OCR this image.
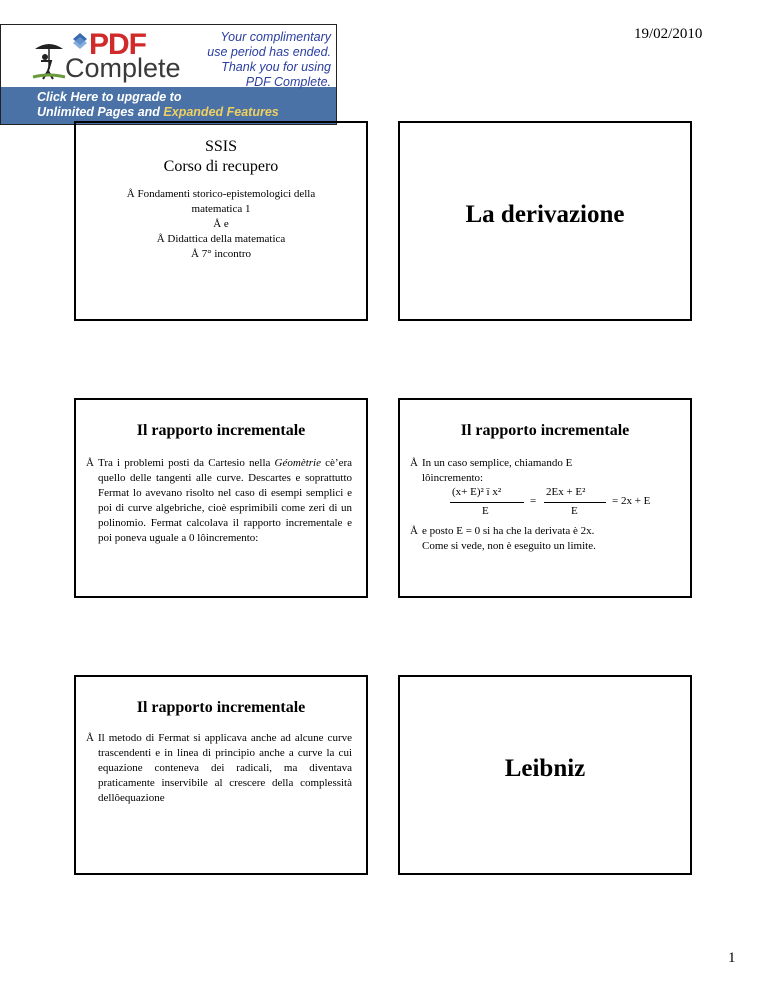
19/02/2010
PDF
Complete
Your complimentary
use period has ended.
Thank you for using
PDF Complete.
Click Here to upgrade to
Unlimited Pages and Expanded Features
SSIS
Corso di recupero
Å Fondamenti storico-epistemologici della
matematica 1
Å e
Å Didattica della matematica
Å 7° incontro
La derivazione
Il rapporto incrementale
Å Tra i problemi posti da Cartesio nella Géomètrie cè’era quello delle tangenti alle curve. Descartes e soprattutto Fermat lo avevano risolto nel caso di esempi semplici e poi di curve algebriche, cioè esprimibili come zeri di un polinomio. Fermat calcolava il rapporto incrementale e poi poneva uguale a 0 lôincremento:
Il rapporto incrementale
Å In un caso semplice, chiamando E
lôincremento:
(x+ E)² ï x²
E
=
2Ex + E²
E
= 2x + E
Å e posto E = 0 si ha che la derivata è 2x.
Come si vede, non è eseguito un limite.
Il rapporto incrementale
Å Il metodo di Fermat si applicava anche ad alcune curve trascendenti e in linea di principio anche a curve la cui equazione conteneva dei radicali, ma diventava praticamente inservibile al crescere della complessità dellôequazione
Leibniz
1
